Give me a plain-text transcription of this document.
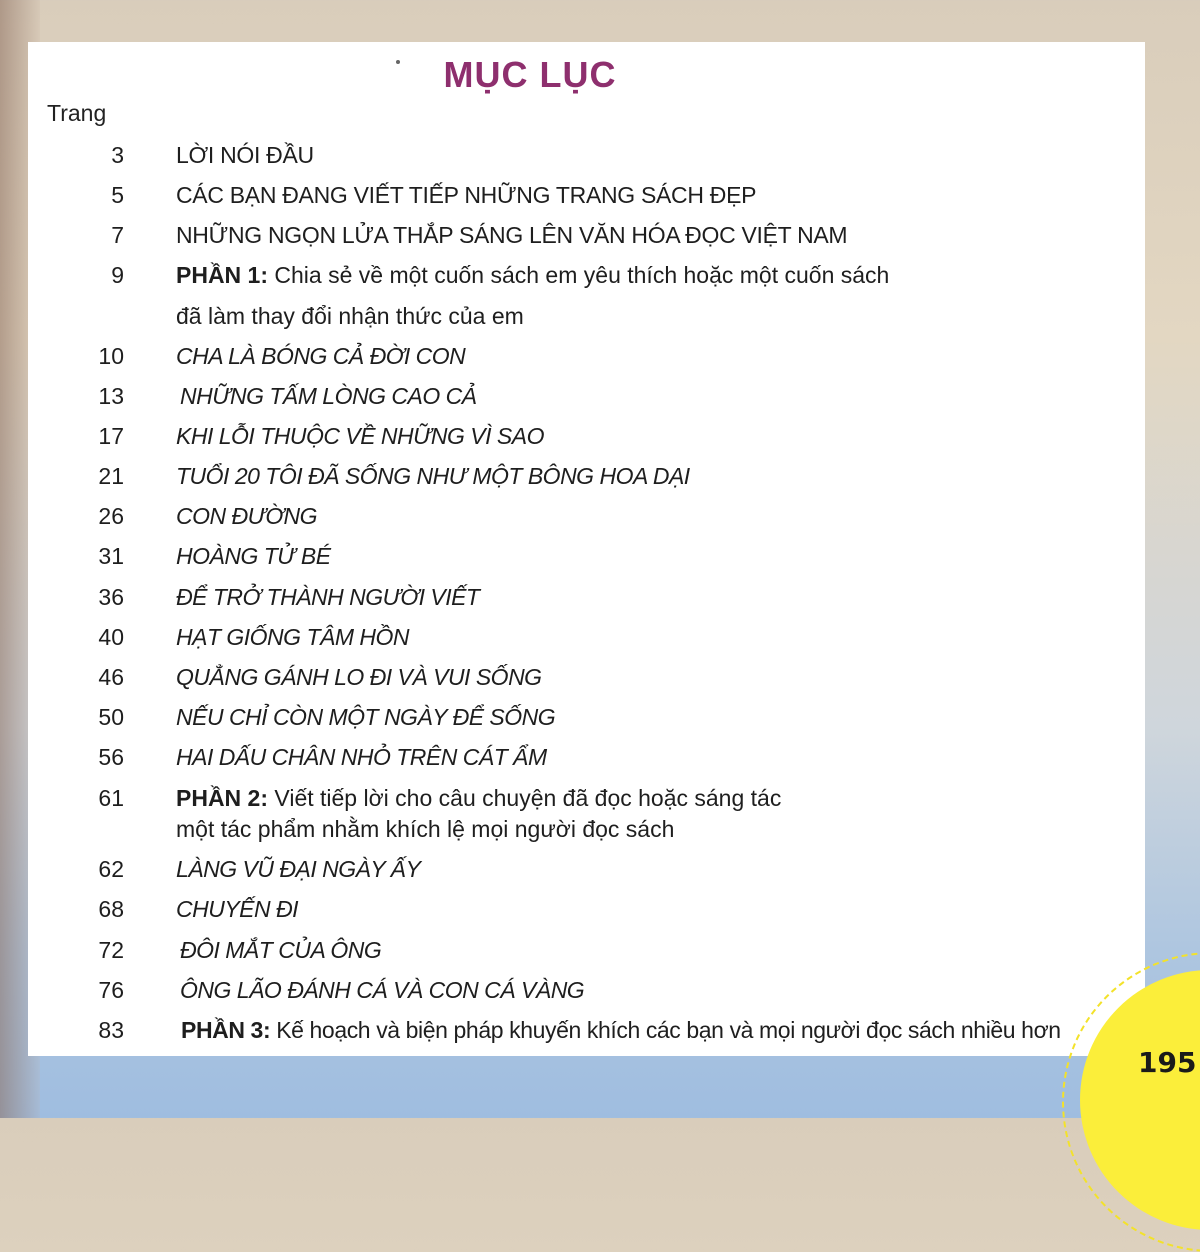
MỤC LỤC
Trang
3 LỜI NÓI ĐẦU
5 CÁC BẠN ĐANG VIẾT TIẾP NHỮNG TRANG SÁCH ĐẸP
7 NHỮNG NGỌN LỬA THẮP SÁNG LÊN VĂN HÓA ĐỌC VIỆT NAM
9 PHẦN 1: Chia sẻ về một cuốn sách em yêu thích hoặc một cuốn sách
đã làm thay đổi nhận thức của em
10 CHA LÀ BÓNG CẢ ĐỜI CON
13 NHỮNG TẤM LÒNG CAO CẢ
17 KHI LỖI THUỘC VỀ NHỮNG VÌ SAO
21 TUỔI 20 TÔI ĐÃ SỐNG NHƯ MỘT BÔNG HOA DẠI
26 CON ĐƯỜNG
31 HOÀNG TỬ BÉ
36 ĐỂ TRỞ THÀNH NGƯỜI VIẾT
40 HẠT GIỐNG TÂM HỒN
46 QUẲNG GÁNH LO ĐI VÀ VUI SỐNG
50 NẾU CHỈ CÒN MỘT NGÀY ĐỂ SỐNG
56 HAI DẤU CHÂN NHỎ TRÊN CÁT ẨM
61 PHẦN 2: Viết tiếp lời cho câu chuyện đã đọc hoặc sáng tác
một tác phẩm nhằm khích lệ mọi người đọc sách
62 LÀNG VŨ ĐẠI NGÀY ẤY
68 CHUYẾN ĐI
72 ĐÔI MẮT CỦA ÔNG
76 ÔNG LÃO ĐÁNH CÁ VÀ CON CÁ VÀNG
83 PHẦN 3: Kế hoạch và biện pháp khuyến khích các bạn và mọi người đọc sách nhiều hơn
195
